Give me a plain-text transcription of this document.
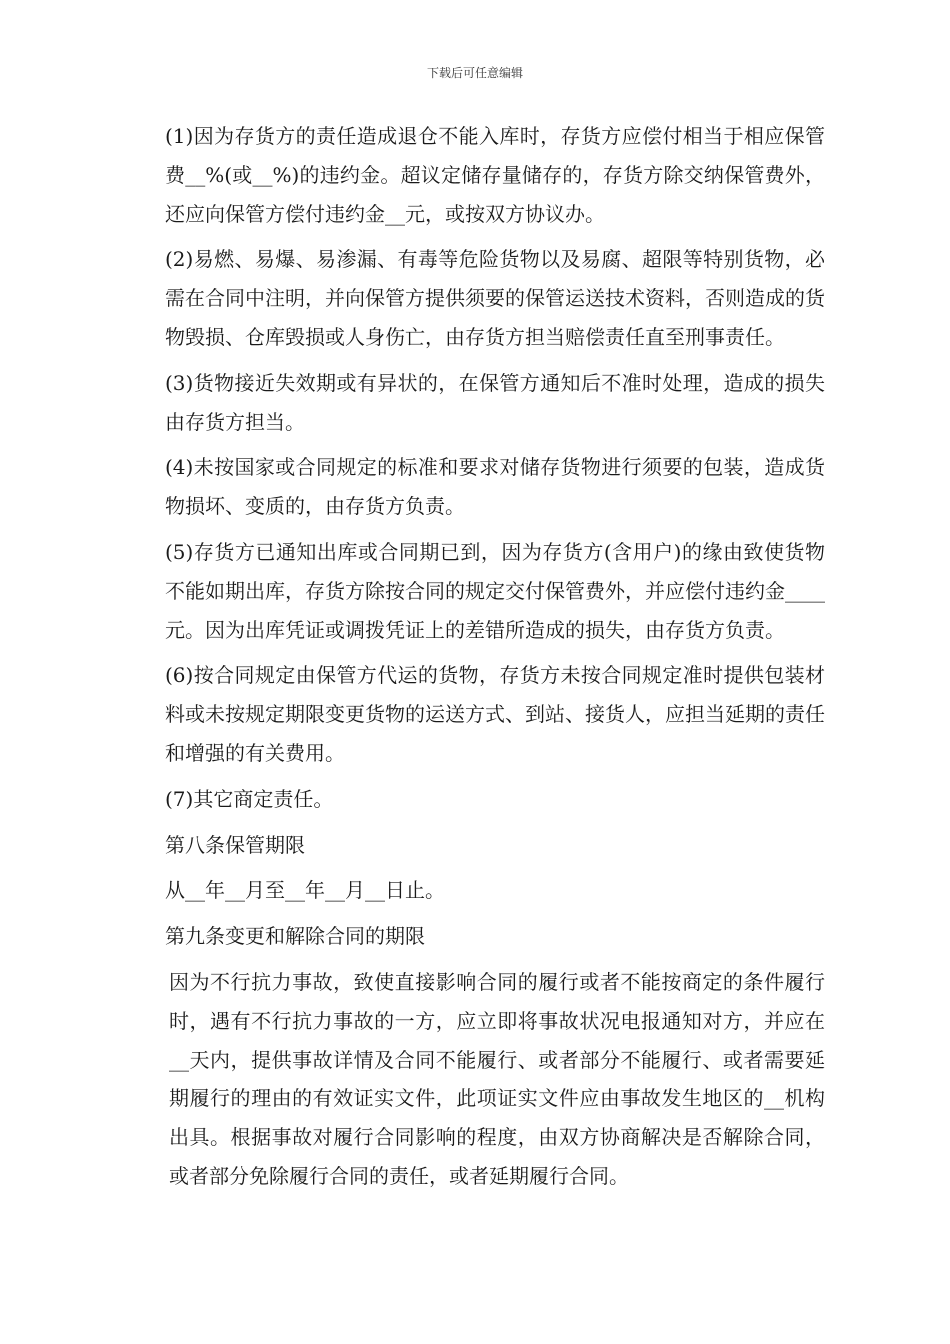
下载后可任意编辑

(1)因为存货方的责任造成退仓不能入库时，存货方应偿付相当于相应保管费__%(或__%)的违约金。超议定储存量储存的，存货方除交纳保管费外，还应向保管方偿付违约金__元，或按双方协议办。

(2)易燃、易爆、易渗漏、有毒等危险货物以及易腐、超限等特别货物，必需在合同中注明，并向保管方提供须要的保管运送技术资料，否则造成的货物毁损、仓库毁损或人身伤亡，由存货方担当赔偿责任直至刑事责任。

(3)货物接近失效期或有异状的，在保管方通知后不准时处理，造成的损失由存货方担当。

(4)未按国家或合同规定的标准和要求对储存货物进行须要的包装，造成货物损坏、变质的，由存货方负责。

(5)存货方已通知出库或合同期已到，因为存货方(含用户)的缘由致使货物不能如期出库，存货方除按合同的规定交付保管费外，并应偿付违约金____元。因为出库凭证或调拨凭证上的差错所造成的损失，由存货方负责。

(6)按合同规定由保管方代运的货物，存货方未按合同规定准时提供包装材料或未按规定期限变更货物的运送方式、到站、接货人，应担当延期的责任和增强的有关费用。

(7)其它商定责任。

第八条保管期限

从__年__月至__年__月__日止。

第九条变更和解除合同的期限

因为不行抗力事故，致使直接影响合同的履行或者不能按商定的条件履行时，遇有不行抗力事故的一方，应立即将事故状况电报通知对方，并应在__天内，提供事故详情及合同不能履行、或者部分不能履行、或者需要延期履行的理由的有效证实文件，此项证实文件应由事故发生地区的__机构出具。根据事故对履行合同影响的程度，由双方协商解决是否解除合同，或者部分免除履行合同的责任，或者延期履行合同。
